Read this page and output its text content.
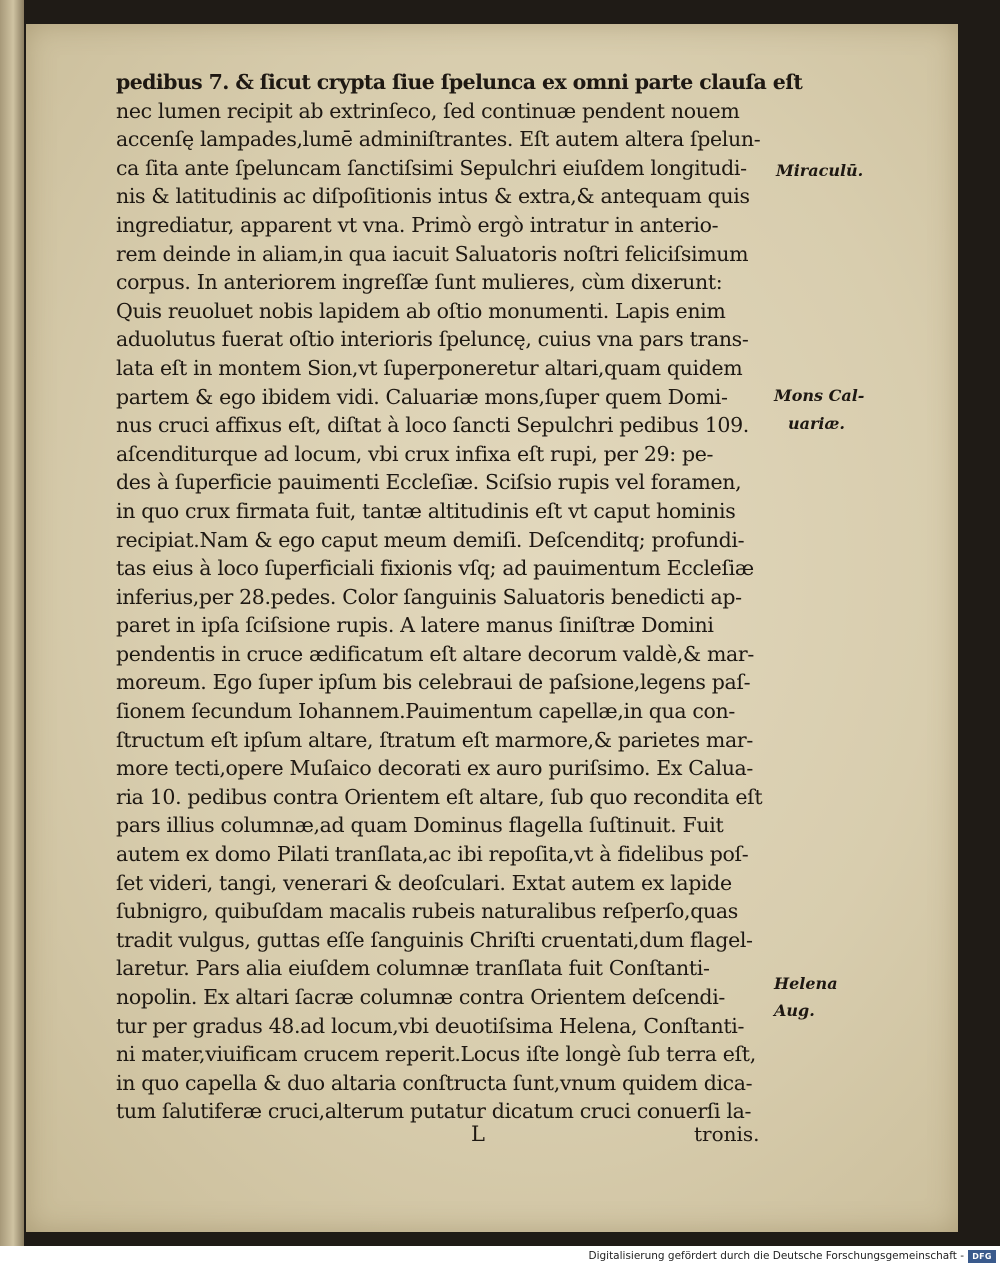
pedibus 7. & ſicut crypta ſiue ſpelunca ex omni parte clauſa eſt
nec lumen recipit ab extrinſeco, ſed continuæ pendent nouem
accenſę lampades,lumē adminiſtrantes. Eſt autem altera ſpelun-
ca ſita ante ſpeluncam ſanctiſsimi Sepulchri eiuſdem longitudi-
nis & latitudinis ac diſpoſitionis intus & extra,& antequam quis
ingrediatur, apparent vt vna. Primò ergò intratur in anterio-
rem deinde in aliam,in qua iacuit Saluatoris noſtri feliciſsimum
corpus. In anteriorem ingreſſæ ſunt mulieres, cùm dixerunt:
Quis reuoluet nobis lapidem ab oſtio monumenti. Lapis enim
aduolutus fuerat oſtio interioris ſpeluncę, cuius vna pars trans-
lata eſt in montem Sion,vt ſuperponeretur altari,quam quidem
partem & ego ibidem vidi. Caluariæ mons,ſuper quem Domi-
nus cruci affixus eſt, diſtat à loco ſancti Sepulchri pedibus 109.
aſcenditurque ad locum, vbi crux infixa eſt rupi, per 29: pe-
des à ſuperficie pauimenti Eccleſiæ. Sciſsio rupis vel foramen,
in quo crux firmata fuit, tantæ altitudinis eſt vt caput hominis
recipiat.Nam & ego caput meum demiſi. Deſcenditq; profundi-
tas eius à loco ſuperficiali fixionis vſq; ad pauimentum Eccleſiæ
inferius,per 28.pedes. Color ſanguinis Saluatoris benedicti ap-
paret in ipſa ſciſsione rupis. A latere manus ſiniſtræ Domini
pendentis in cruce ædificatum eſt altare decorum valdè,& mar-
moreum. Ego ſuper ipſum bis celebraui de paſsione,legens paſ-
ſionem ſecundum Iohannem.Pauimentum capellæ,in qua con-
ſtructum eſt ipſum altare, ſtratum eſt marmore,& parietes mar-
more tecti,opere Muſaico decorati ex auro puriſsimo. Ex Calua-
ria 10. pedibus contra Orientem eſt altare, ſub quo recondita eſt
pars illius columnæ,ad quam Dominus flagella ſuſtinuit. Fuit
autem ex domo Pilati tranſlata,ac ibi repoſita,vt à fidelibus poſ-
ſet videri, tangi, venerari & deoſculari. Extat autem ex lapide
ſubnigro, quibuſdam macalis rubeis naturalibus reſperſo,quas
tradit vulgus, guttas eſſe ſanguinis Chriſti cruentati,dum flagel-
laretur. Pars alia eiuſdem columnæ tranſlata fuit Conſtanti-
nopolin. Ex altari ſacræ columnæ contra Orientem deſcendi-
tur per gradus 48.ad locum,vbi deuotiſsima Helena, Conſtanti-
ni mater,viuificam crucem reperit.Locus iſte longè ſub terra eſt,
in quo capella & duo altaria conſtructa ſunt,vnum quidem dica-
tum ſalutiferæ cruci,alterum putatur dicatum cruci conuerſi la-
Miraculū.
Mons Cal-
uariæ.
Helena
Aug.
L	tronis.
Digitalisierung gefördert durch die Deutsche Forschungsgemeinschaft -	DFG
